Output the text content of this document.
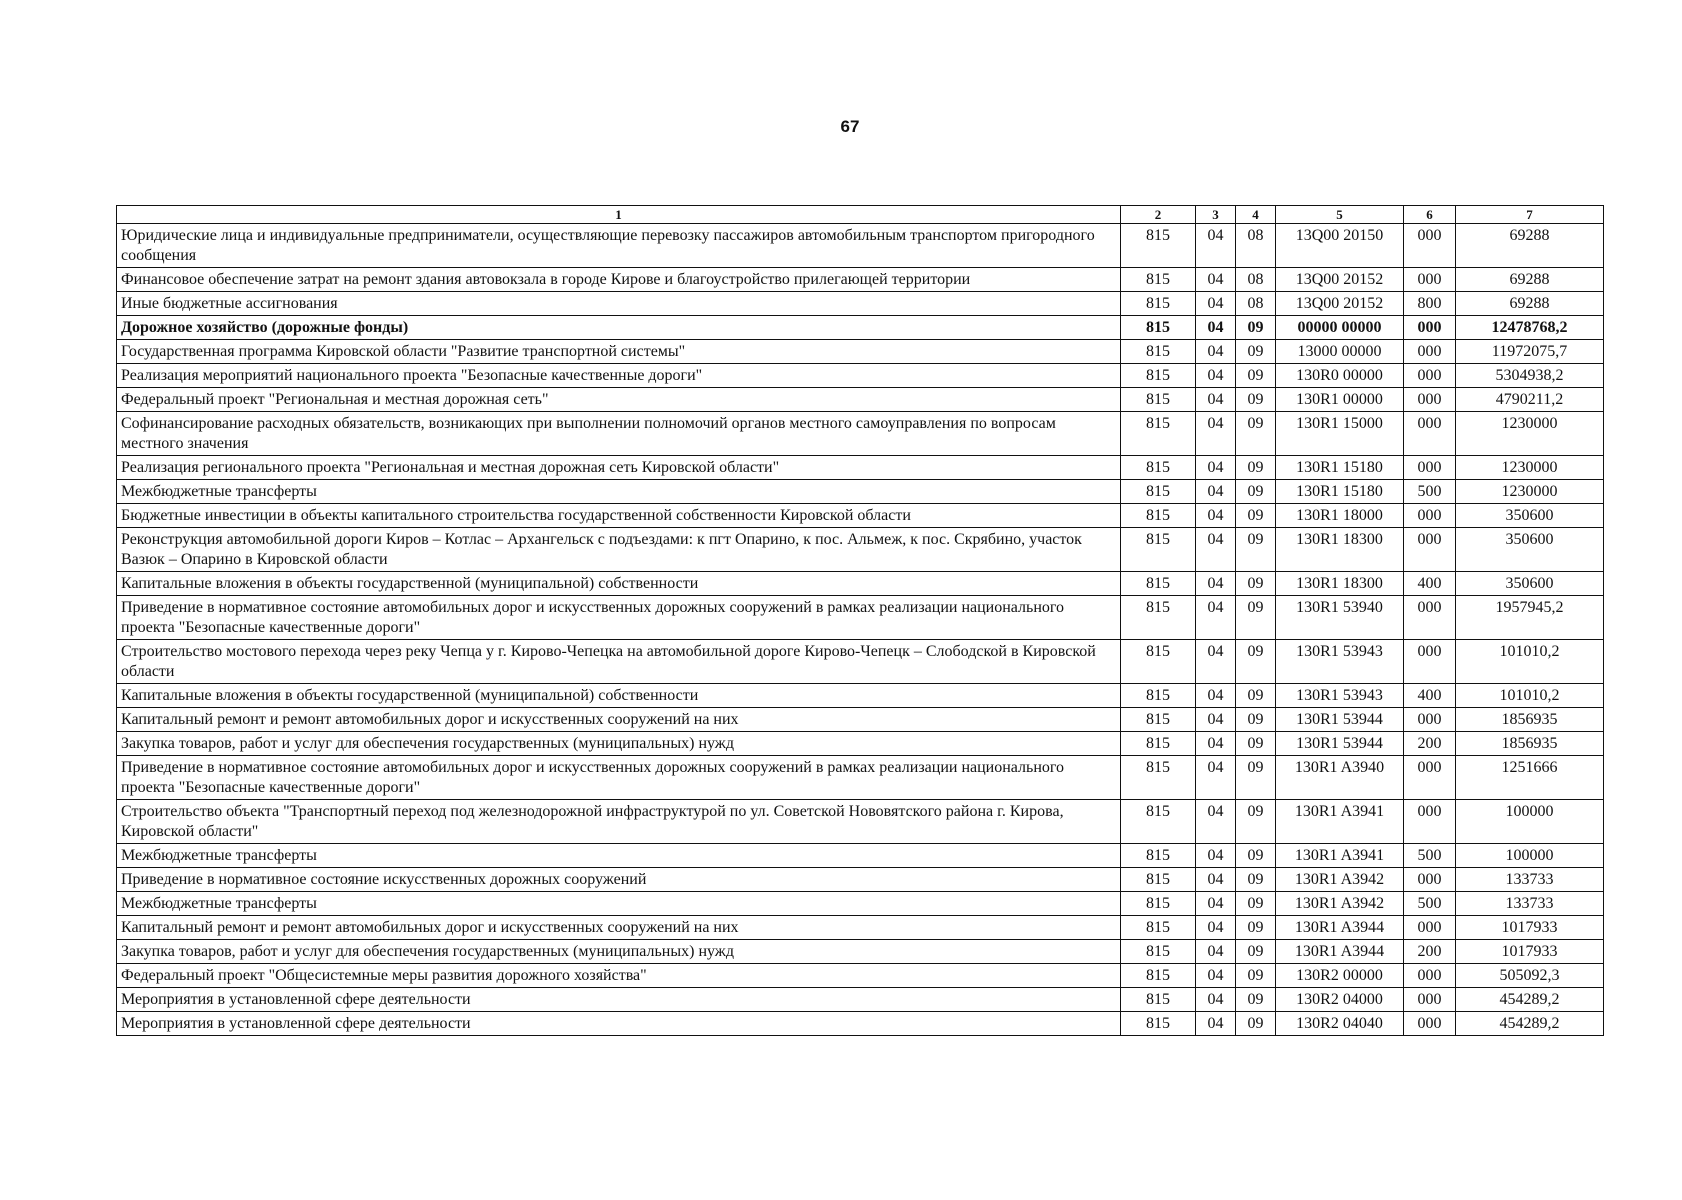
67
1	2	3	4	5	6	7
Юридические лица и индивидуальные предприниматели, осуществляющие перевозку пассажиров автомобильным транспортом пригородного сообщения	815	04	08	13Q00 20150	000	69288
Финансовое обеспечение затрат на ремонт здания автовокзала в городе Кирове и благоустройство прилегающей территории	815	04	08	13Q00 20152	000	69288
Иные бюджетные ассигнования	815	04	08	13Q00 20152	800	69288
Дорожное хозяйство (дорожные фонды)	815	04	09	00000 00000	000	12478768,2
Государственная программа Кировской области "Развитие транспортной системы"	815	04	09	13000 00000	000	11972075,7
Реализация мероприятий национального проекта "Безопасные качественные дороги"	815	04	09	130R0 00000	000	5304938,2
Федеральный проект "Региональная и местная дорожная сеть"	815	04	09	130R1 00000	000	4790211,2
Софинансирование расходных обязательств, возникающих при выполнении полномочий органов местного самоуправления по вопросам местного значения	815	04	09	130R1 15000	000	1230000
Реализация регионального проекта "Региональная и местная дорожная сеть Кировской области"	815	04	09	130R1 15180	000	1230000
Межбюджетные трансферты	815	04	09	130R1 15180	500	1230000
Бюджетные инвестиции в объекты капитального строительства государственной собственности Кировской области	815	04	09	130R1 18000	000	350600
Реконструкция автомобильной дороги Киров – Котлас – Архангельск с подъездами: к пгт Опарино, к пос. Альмеж, к пос. Скрябино, участок Вазюк – Опарино в Кировской области	815	04	09	130R1 18300	000	350600
Капитальные вложения в объекты государственной (муниципальной) собственности	815	04	09	130R1 18300	400	350600
Приведение в нормативное состояние автомобильных дорог и искусственных дорожных сооружений в рамках реализации национального проекта "Безопасные качественные дороги"	815	04	09	130R1 53940	000	1957945,2
Строительство мостового перехода через реку Чепца у г. Кирово-Чепецка на автомобильной дороге Кирово-Чепецк – Слободской в Кировской области	815	04	09	130R1 53943	000	101010,2
Капитальные вложения в объекты государственной (муниципальной) собственности	815	04	09	130R1 53943	400	101010,2
Капитальный ремонт и ремонт автомобильных дорог и искусственных сооружений на них	815	04	09	130R1 53944	000	1856935
Закупка товаров, работ и услуг для обеспечения государственных (муниципальных) нужд	815	04	09	130R1 53944	200	1856935
Приведение в нормативное состояние автомобильных дорог и искусственных дорожных сооружений в рамках реализации национального проекта "Безопасные качественные дороги"	815	04	09	130R1 A3940	000	1251666
Строительство объекта "Транспортный переход под железнодорожной инфраструктурой по ул. Советской Нововятского района г. Кирова, Кировской области"	815	04	09	130R1 A3941	000	100000
Межбюджетные трансферты	815	04	09	130R1 A3941	500	100000
Приведение в нормативное состояние искусственных дорожных сооружений	815	04	09	130R1 A3942	000	133733
Межбюджетные трансферты	815	04	09	130R1 A3942	500	133733
Капитальный ремонт и ремонт автомобильных дорог и искусственных сооружений на них	815	04	09	130R1 A3944	000	1017933
Закупка товаров, работ и услуг для обеспечения государственных (муниципальных) нужд	815	04	09	130R1 A3944	200	1017933
Федеральный проект "Общесистемные меры развития дорожного хозяйства"	815	04	09	130R2 00000	000	505092,3
Мероприятия в установленной сфере деятельности	815	04	09	130R2 04000	000	454289,2
Мероприятия в установленной сфере деятельности	815	04	09	130R2 04040	000	454289,2
